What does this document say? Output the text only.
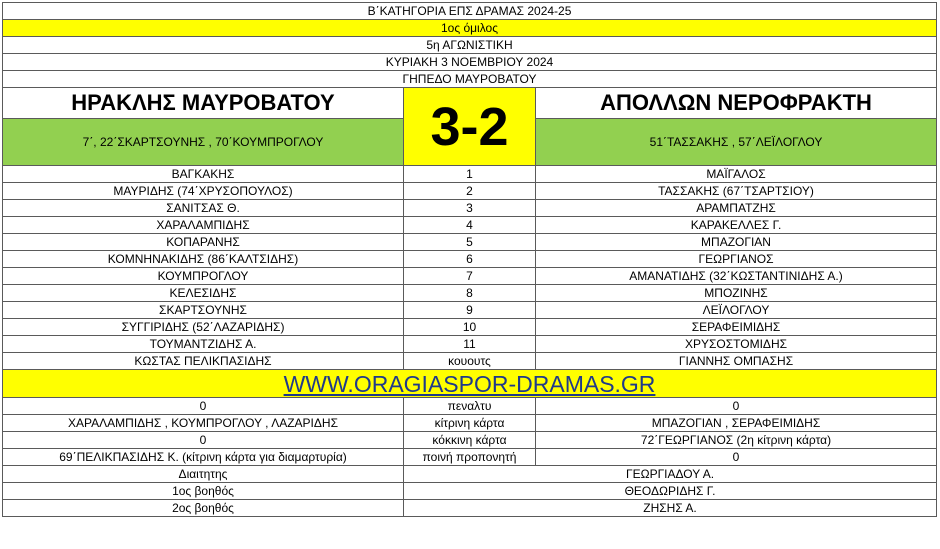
Β΄ΚΑΤΗΓΟΡΙΑ ΕΠΣ ΔΡΑΜΑΣ 2024-25		
1ος όμιλος		
5η ΑΓΩΝΙΣΤΙΚΗ		
ΚΥΡΙΑΚΗ 3 ΝΟΕΜΒΡΙΟΥ 2024		
ΓΗΠΕΔΟ ΜΑΥΡΟΒΑΤΟΥ		
ΗΡΑΚΛΗΣ ΜΑΥΡΟΒΑΤΟΥ	3-2	ΑΠΟΛΛΩΝ ΝΕΡΟΦΡΑΚΤΗ
7΄, 22΄ΣΚΑΡΤΣΟΥΝΗΣ , 70΄ΚΟΥΜΠΡΟΓΛΟΥ		51΄ΤΑΣΣΑΚΗΣ , 57΄ΛΕΪΛΟΓΛΟΥ
ΒΑΓΚΑΚΗΣ	1	ΜΑΪΓΑΛΟΣ
ΜΑΥΡΙΔΗΣ (74΄ΧΡΥΣΟΠΟΥΛΟΣ)	2	ΤΑΣΣΑΚΗΣ (67΄ΤΣΑΡΤΣΙΟΥ)
ΣΑΝΙΤΣΑΣ Θ.	3	ΑΡΑΜΠΑΤΖΗΣ
ΧΑΡΑΛΑΜΠΙΔΗΣ	4	ΚΑΡΑΚΕΛΛΕΣ Γ.
ΚΟΠΑΡΑΝΗΣ	5	ΜΠΑΖΟΓΙΑΝ
ΚΟΜΝΗΝΑΚΙΔΗΣ (86΄ΚΑΛΤΣΙΔΗΣ)	6	ΓΕΩΡΓΙΑΝΟΣ
ΚΟΥΜΠΡΟΓΛΟΥ	7	ΑΜΑΝΑΤΙΔΗΣ (32΄ΚΩΣΤΑΝΤΙΝΙΔΗΣ Α.)
ΚΕΛΕΣΙΔΗΣ	8	ΜΠΟΖΙΝΗΣ
ΣΚΑΡΤΣΟΥΝΗΣ	9	ΛΕΪΛΟΓΛΟΥ
ΣΥΓΓΙΡΙΔΗΣ (52΄ΛΑΖΑΡΙΔΗΣ)	10	ΣΕΡΑΦΕΙΜΙΔΗΣ
ΤΟΥΜΑΝΤΖΙΔΗΣ Α.	11	ΧΡΥΣΟΣΤΟΜΙΔΗΣ
ΚΩΣΤΑΣ ΠΕΛΙΚΠΑΣΙΔΗΣ	κουουτς	ΓΙΑΝΝΗΣ ΟΜΠΑΣΗΣ
WWW.ORAGIASPOR-DRAMAS.GR		
0	πεναλτυ	0
ΧΑΡΑΛΑΜΠΙΔΗΣ , ΚΟΥΜΠΡΟΓΛΟΥ , ΛΑΖΑΡΙΔΗΣ	κίτρινη κάρτα	ΜΠΑΖΟΓΙΑΝ , ΣΕΡΑΦΕΙΜΙΔΗΣ
0	κόκκινη κάρτα	72΄ΓΕΩΡΓΙΑΝΟΣ (2η κίτρινη κάρτα)
69΄ΠΕΛΙΚΠΑΣΙΔΗΣ Κ. (κίτρινη κάρτα για διαμαρτυρία)	ποινή προπονητή	0
Διαιτητης	ΓΕΩΡΓΙΑΔΟΥ Α.	
1ος βοηθός	ΘΕΟΔΩΡΙΔΗΣ Γ.	
2ος βοηθός	ΖΗΣΗΣ Α.	
